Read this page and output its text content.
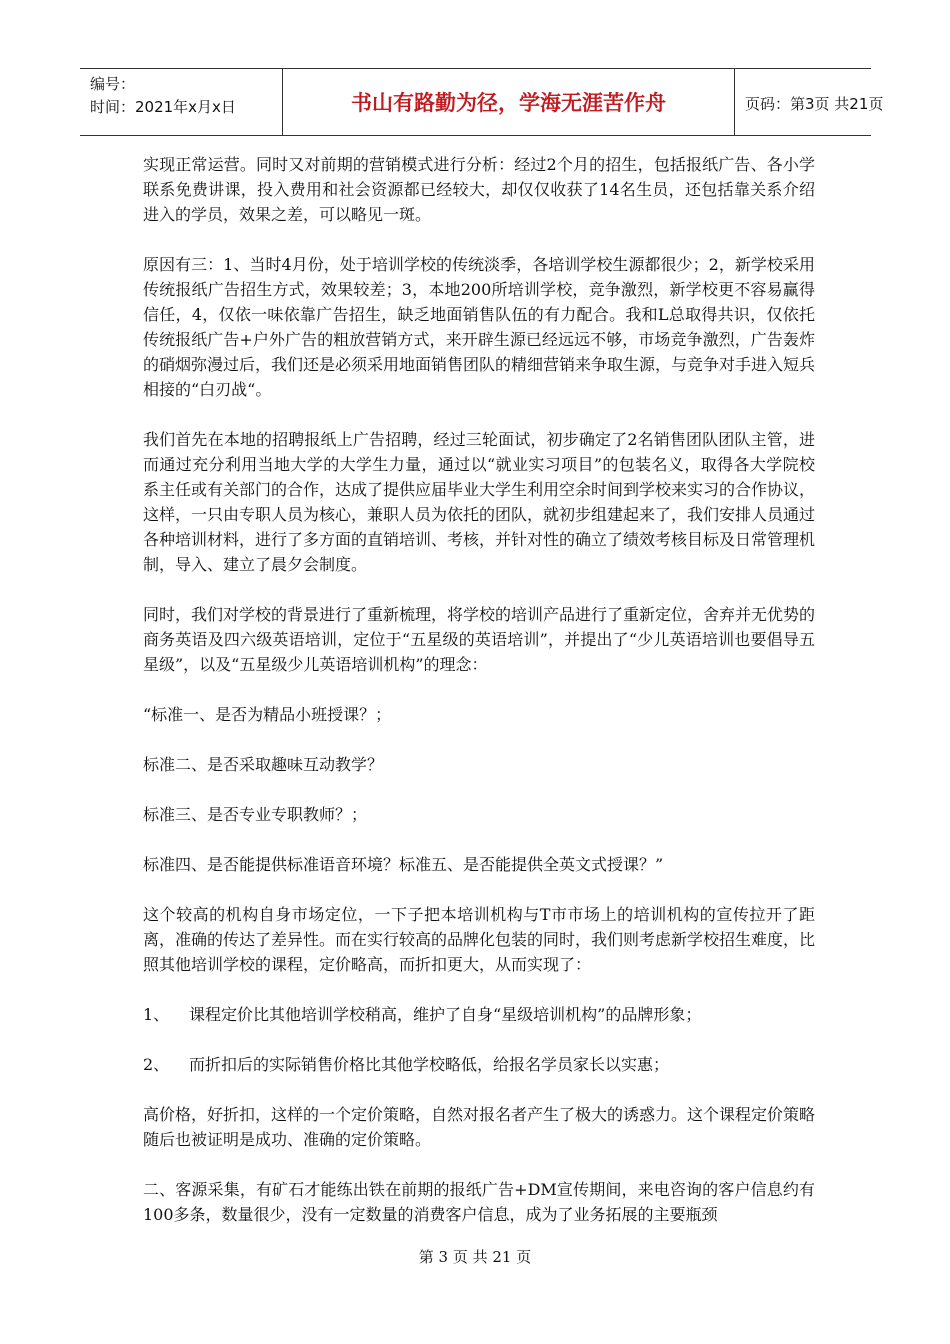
编号：
时间：2021年x月x日	书山有路勤为径，学海无涯苦作舟	页码：第3页 共21页

实现正常运营。同时又对前期的营销模式进行分析：经过2个月的招生，包括报纸广告、各小学联系免费讲课，投入费用和社会资源都已经较大，却仅仅收获了14名生员，还包括靠关系介绍进入的学员，效果之差，可以略见一斑。

原因有三：1、当时4月份，处于培训学校的传统淡季，各培训学校生源都很少；2，新学校采用传统报纸广告招生方式，效果较差；3，本地200所培训学校，竞争激烈，新学校更不容易赢得信任，4，仅依一味依靠广告招生，缺乏地面销售队伍的有力配合。我和L总取得共识，仅依托传统报纸广告+户外广告的粗放营销方式，来开辟生源已经远远不够，市场竞争激烈，广告轰炸的硝烟弥漫过后，我们还是必须采用地面销售团队的精细营销来争取生源，与竞争对手进入短兵相接的“白刃战“。

我们首先在本地的招聘报纸上广告招聘，经过三轮面试，初步确定了2名销售团队团队主管，进而通过充分利用当地大学的大学生力量，通过以“就业实习项目”的包装名义，取得各大学院校系主任或有关部门的合作，达成了提供应届毕业大学生利用空余时间到学校来实习的合作协议，这样，一只由专职人员为核心，兼职人员为依托的团队，就初步组建起来了，我们安排人员通过各种培训材料，进行了多方面的直销培训、考核，并针对性的确立了绩效考核目标及日常管理机制，导入、建立了晨夕会制度。

同时，我们对学校的背景进行了重新梳理，将学校的培训产品进行了重新定位，舍弃并无优势的商务英语及四六级英语培训，定位于“五星级的英语培训”，并提出了“少儿英语培训也要倡导五星级”，以及“五星级少儿英语培训机构”的理念：

“标准一、是否为精品小班授课？；

标准二、是否采取趣味互动教学？

标准三、是否专业专职教师？；

标准四、是否能提供标准语音环境？标准五、是否能提供全英文式授课？”

这个较高的机构自身市场定位，一下子把本培训机构与T市市场上的培训机构的宣传拉开了距离，准确的传达了差异性。而在实行较高的品牌化包装的同时，我们则考虑新学校招生难度，比照其他培训学校的课程，定价略高，而折扣更大，从而实现了：

1、	课程定价比其他培训学校稍高，维护了自身“星级培训机构”的品牌形象；
2、	而折扣后的实际销售价格比其他学校略低，给报名学员家长以实惠；

高价格，好折扣，这样的一个定价策略，自然对报名者产生了极大的诱惑力。这个课程定价策略随后也被证明是成功、准确的定价策略。

二、客源采集，有矿石才能练出铁在前期的报纸广告+DM宣传期间，来电咨询的客户信息约有100多条，数量很少，没有一定数量的消费客户信息，成为了业务拓展的主要瓶颈

第 3 页 共 21 页
